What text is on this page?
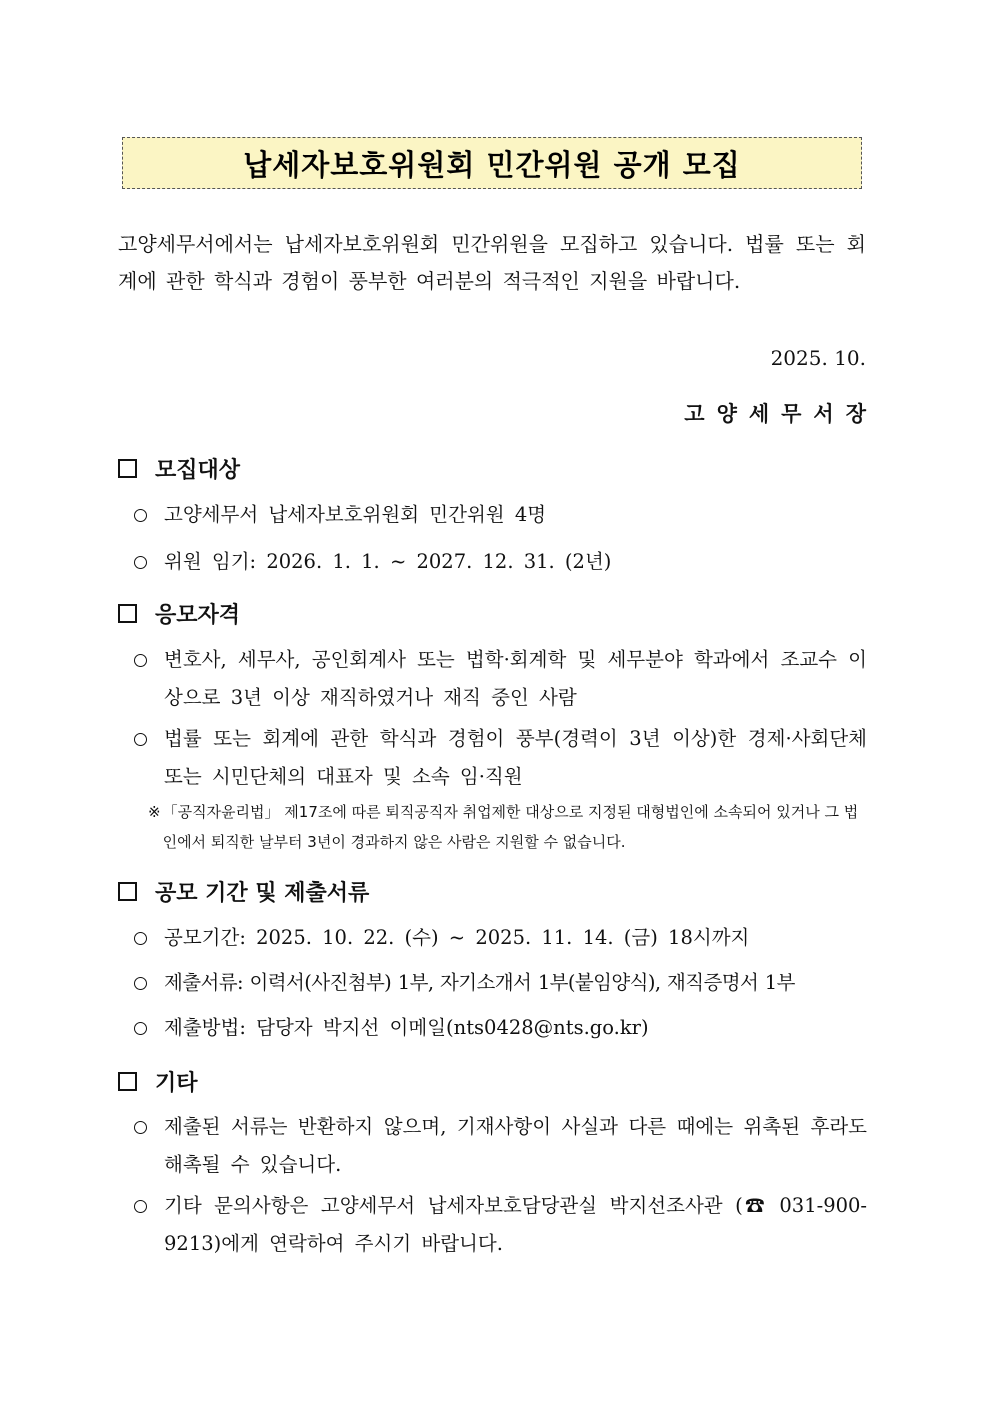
납세자보호위원회 민간위원 공개 모집
고양세무서에서는 납세자보호위원회 민간위원을 모집하고 있습니다. 법률 또는 회계에 관한 학식과 경험이 풍부한 여러분의 적극적인 지원을 바랍니다.
2025. 10.
고양세무서장
모집대상
고양세무서 납세자보호위원회 민간위원 4명
위원 임기: 2026. 1. 1. ~ 2027. 12. 31. (2년)
응모자격
변호사, 세무사, 공인회계사 또는 법학·회계학 및 세무분야 학과에서 조교수 이상으로 3년 이상 재직하였거나 재직 중인 사람
법률 또는 회계에 관한 학식과 경험이 풍부(경력이 3년 이상)한 경제·사회단체 또는 시민단체의 대표자 및 소속 임·직원
※ 「공직자윤리법」 제17조에 따른 퇴직공직자 취업제한 대상으로 지정된 대형법인에 소속되어 있거나 그 법인에서 퇴직한 날부터 3년이 경과하지 않은 사람은 지원할 수 없습니다.
공모 기간 및 제출서류
공모기간: 2025. 10. 22. (수) ~ 2025. 11. 14. (금) 18시까지
제출서류: 이력서(사진첨부) 1부, 자기소개서 1부(붙임양식), 재직증명서 1부
제출방법: 담당자 박지선 이메일(nts0428@nts.go.kr)
기타
제출된 서류는 반환하지 않으며, 기재사항이 사실과 다른 때에는 위촉된 후라도 해촉될 수 있습니다.
기타 문의사항은 고양세무서 납세자보호담당관실 박지선조사관 (☎ 031-900-9213)에게 연락하여 주시기 바랍니다.
